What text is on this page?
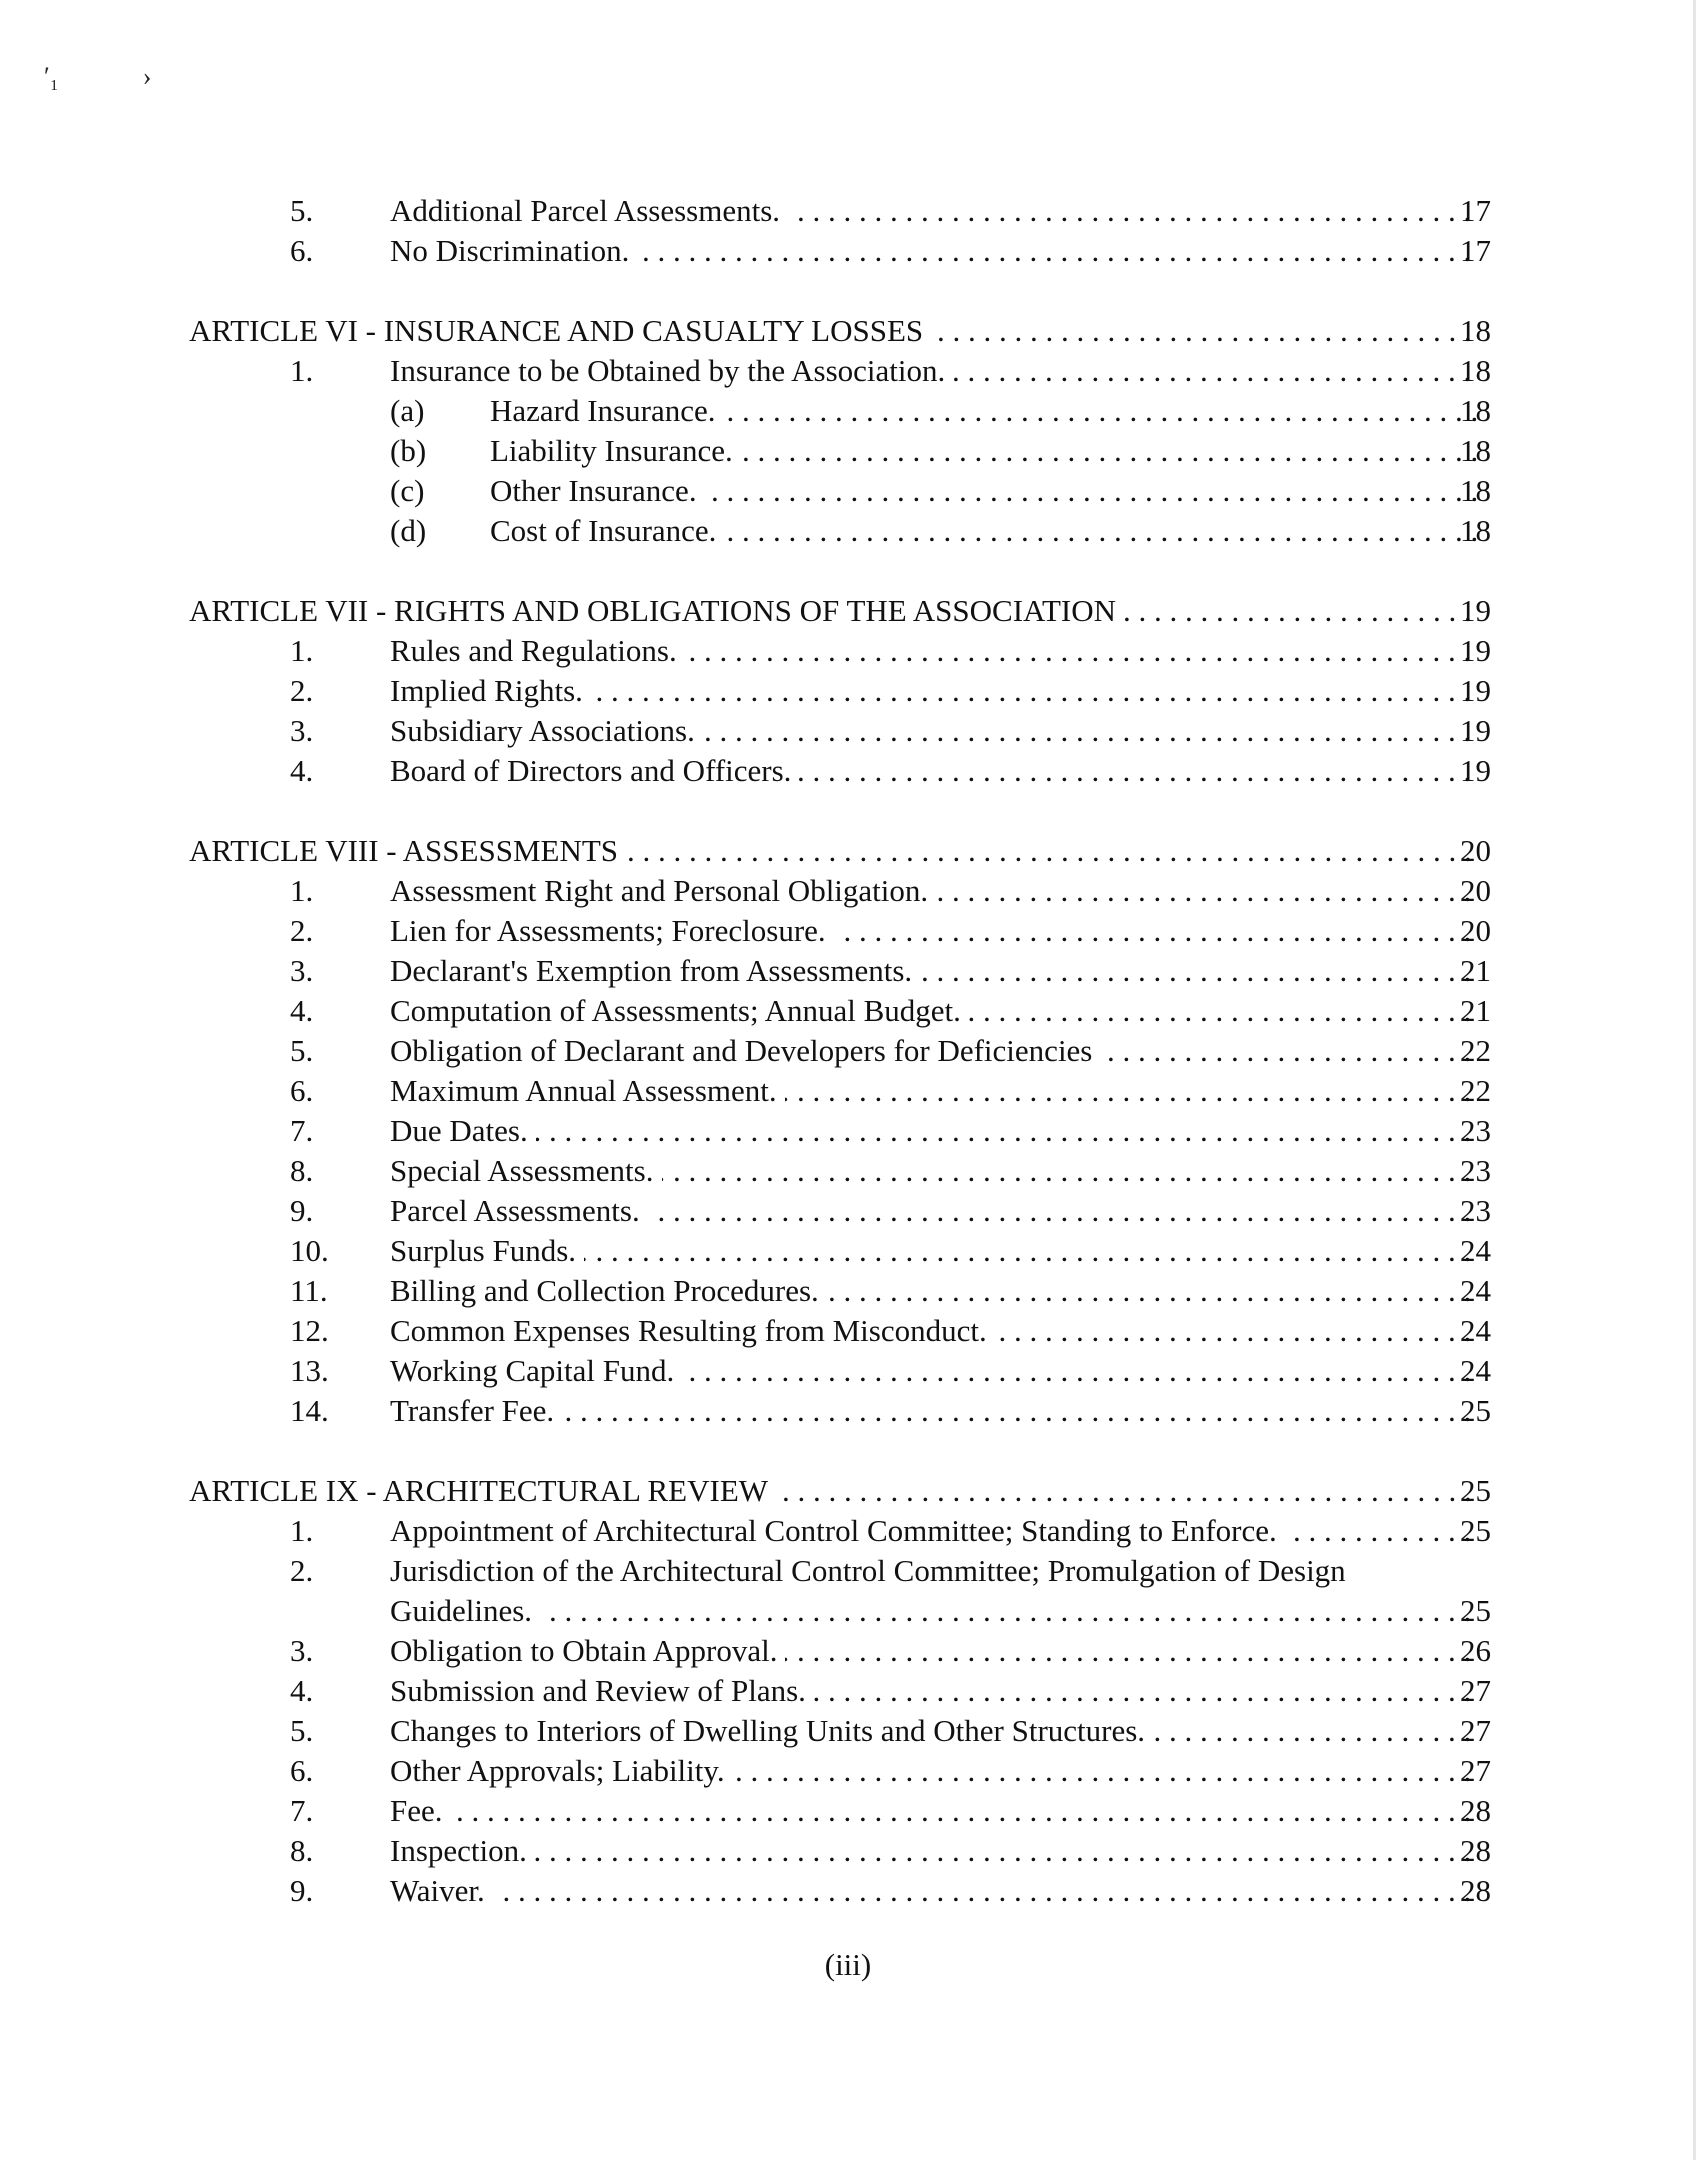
′₁	›
5. Additional Parcel Assessments. . . .	17
6. No Discrimination. . . .	17
ARTICLE VI - INSURANCE AND CASUALTY LOSSES . . .	18
1. Insurance to be Obtained by the Association. . . .	18
(a) Hazard Insurance. . . .	18
(b) Liability Insurance. . . .	18
(c) Other Insurance. . . .	18
(d) Cost of Insurance. . . .	18
ARTICLE VII - RIGHTS AND OBLIGATIONS OF THE ASSOCIATION . . .	19
1. Rules and Regulations. . . .	19
2. Implied Rights. . . .	19
3. Subsidiary Associations. . . .	19
4. Board of Directors and Officers. . . .	19
ARTICLE VIII - ASSESSMENTS . . .	20
1. Assessment Right and Personal Obligation. . . .	20
2. Lien for Assessments; Foreclosure. . . .	20
3. Declarant's Exemption from Assessments. . . .	21
4. Computation of Assessments; Annual Budget. . . .	21
5. Obligation of Declarant and Developers for Deficiencies . . .	22
6. Maximum Annual Assessment. . . .	22
7. Due Dates. . . .	23
8. Special Assessments. . . .	23
9. Parcel Assessments. . . .	23
10. Surplus Funds. . . .	24
11. Billing and Collection Procedures. . . .	24
12. Common Expenses Resulting from Misconduct. . . .	24
13. Working Capital Fund. . . .	24
14. Transfer Fee. . . .	25
ARTICLE IX - ARCHITECTURAL REVIEW . . .	25
1. Appointment of Architectural Control Committee; Standing to Enforce. . . .	25
2. Jurisdiction of the Architectural Control Committee; Promulgation of Design
Guidelines. . . .	25
3. Obligation to Obtain Approval. . . .	26
4. Submission and Review of Plans. . . .	27
5. Changes to Interiors of Dwelling Units and Other Structures. . . .	27
6. Other Approvals; Liability. . . .	27
7. Fee. . . .	28
8. Inspection. . . .	28
9. Waiver. . . .	28
(iii)
